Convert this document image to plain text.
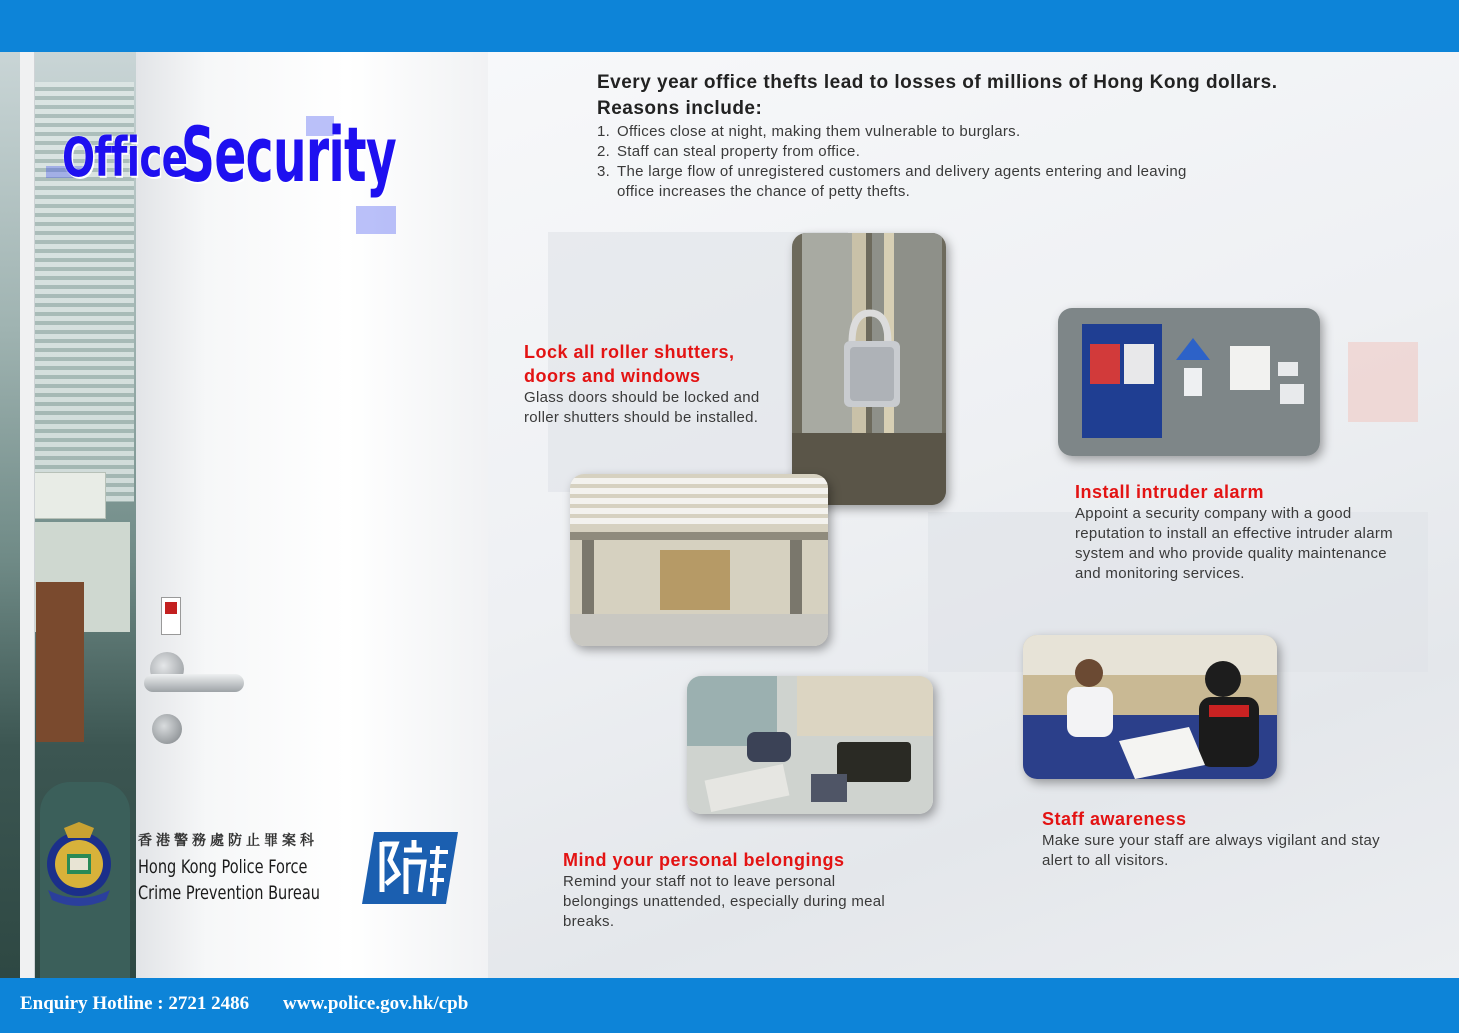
Office
Security
香港警務處防止罪案科
Hong Kong Police Force
Crime Prevention Bureau
Every year office thefts lead to losses of millions of Hong Kong dollars.
Reasons include:
1. Offices close at night, making them vulnerable to burglars.
2. Staff can steal property from office.
3. The large flow of unregistered customers and delivery agents entering and leaving office increases the chance of petty thefts.
Lock all roller shutters, doors and windows
Glass doors should be locked and roller shutters should be installed.
Install intruder alarm
Appoint a security company with a good reputation to install an effective intruder alarm system and who provide quality maintenance and monitoring services.
Staff awareness
Make sure your staff are always vigilant and stay alert to all visitors.
Mind your personal belongings
Remind your staff not to leave personal belongings unattended, especially during meal breaks.
Enquiry Hotline : 2721 2486 www.police.gov.hk/cpb
